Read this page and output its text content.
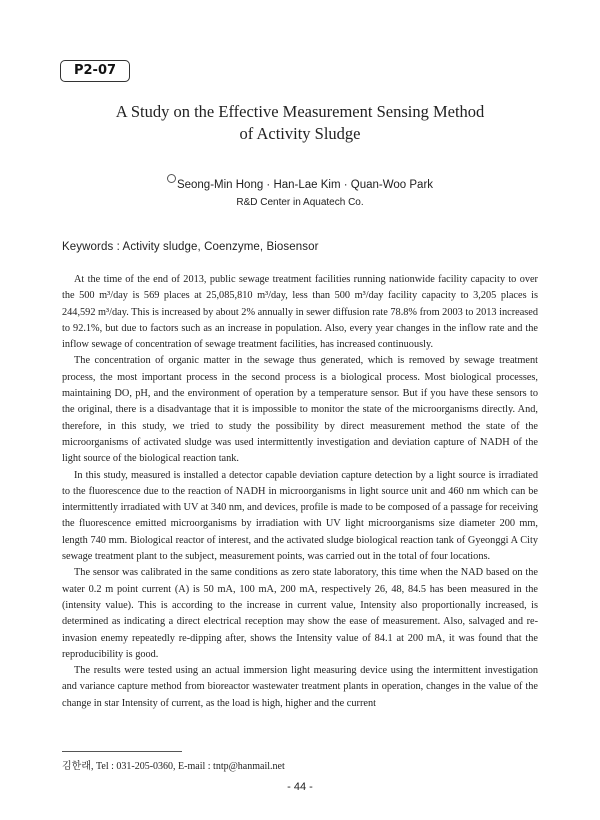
P2-07
A Study on the Effective Measurement Sensing Method
of Activity Sludge
Seong-Min Hong · Han-Lae Kim · Quan-Woo Park
R&D Center in Aquatech Co.
Keywords : Activity sludge, Coenzyme, Biosensor

At the time of the end of 2013, public sewage treatment facilities running nationwide facility capacity to over the 500 m³/day is 569 places at 25,085,810 m³/day, less than 500 m³/day facility capacity to 3,205 places is 244,592 m³/day. This is increased by about 2% annually in sewer diffusion rate 78.8% from 2003 to 2013 increased to 92.1%, but due to factors such as an increase in population. Also, every year changes in the inflow rate and the inflow sewage of concentration of sewage treatment facilities, has increased continuously.

The concentration of organic matter in the sewage thus generated, which is removed by sewage treatment process, the most important process in the second process is a biological process. Most biological processes, maintaining DO, pH, and the environment of operation by a temperature sensor. But if you have these sensors to the original, there is a disadvantage that it is impossible to monitor the state of the microorganisms directly. And, therefore, in this study, we tried to study the possibility by direct measurement method the state of the microorganisms of activated sludge was used intermittently investigation and deviation capture of NADH of the light source of the biological reaction tank.

In this study, measured is installed a detector capable deviation capture detection by a light source is irradiated to the fluorescence due to the reaction of NADH in microorganisms in light source unit and 460 nm which can be intermittently irradiated with UV at 340 nm, and devices, profile is made to be composed of a passage for receiving the fluorescence emitted microorganisms by irradiation with UV light microorganisms size diameter 200 mm, length 740 mm. Biological reactor of interest, and the activated sludge biological reaction tank of Gyeonggi A City sewage treatment plant to the subject, measurement points, was carried out in the total of four locations.

The sensor was calibrated in the same conditions as zero state laboratory, this time when the NAD based on the water 0.2 m point current (A) is 50 mA, 100 mA, 200 mA, respectively 26, 48, 84.5 has been measured in the (intensity value). This is according to the increase in current value, Intensity also proportionally increased, is determined as indicating a direct electrical reception may show the ease of measurement. Also, salvaged and re-invasion enemy repeatedly re-dipping after, shows the Intensity value of 84.1 at 200 mA, it was found that the reproducibility is good.

The results were tested using an actual immersion light measuring device using the intermittent investigation and variance capture method from bioreactor wastewater treatment plants in operation, changes in the value of the change in star Intensity of current, as the load is high, higher and the current

김한래, Tel : 031-205-0360, E-mail : tntp@hanmail.net
- 44 -
